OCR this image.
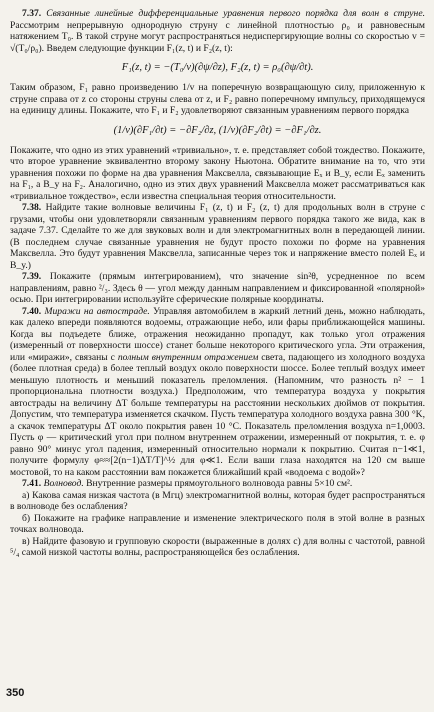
7.37. Связанные линейные дифференциальные уравнения первого порядка для волн в струне. Рассмотрим непрерывную однородную струну с линейной плотностью ρ₀ и равновесным натяжением T₀. В такой струне могут распространяться недиспергирующие волны со скоростью v = √(T₀/ρ₀). Введем следующие функции F₁(z, t) и F₂(z, t):

F₁(z, t) = −(T₀/v)(∂ψ/∂z), F₂(z, t) = ρ₀(∂ψ/∂t).

Таким образом, F₁ равно произведению 1/v на поперечную возвращающую силу, приложенную к струне справа от z со стороны струны слева от z, и F₂ равно поперечному импульсу, приходящемуся на единицу длины. Покажите, что F₁ и F₂ удовлетворяют связанным уравнениям первого порядка

(1/v)(∂F₁/∂t) = −∂F₂/∂z, (1/v)(∂F₂/∂t) = −∂F₁/∂z.

Покажите, что одно из этих уравнений «тривиально», т. е. представляет собой тождество. Покажите, что второе уравнение эквивалентно второму закону Ньютона. Обратите внимание на то, что эти уравнения похожи по форме на два уравнения Максвелла, связывающие Eₓ и B_y, если Eₓ заменить на F₁, а B_y на F₂. Аналогично, одно из этих двух уравнений Максвелла может рассматриваться как «тривиальное тождество», если известна специальная теория относительности.

7.38. Найдите такие волновые величины F₁ (z, t) и F₂ (z, t) для продольных волн в струне с грузами, чтобы они удовлетворяли связанным уравнениям первого порядка такого же вида, как в задаче 7.37. Сделайте то же для звуковых волн и для электромагнитных волн в передающей линии. (В последнем случае связанные уравнения не будут просто похожи по форме на уравнения Максвелла. Это будут уравнения Максвелла, записанные через ток и напряжение вместо полей Eₓ и B_y.)

7.39. Покажите (прямым интегрированием), что значение sin²θ, усредненное по всем направлениям, равно ²/₃. Здесь θ — угол между данным направлением и фиксированной «полярной» осью. При интегрировании используйте сферические полярные координаты.

7.40. Миражи на автострадe. Управляя автомобилем в жаркий летний день, можно наблюдать, как далеко впереди появляются водоемы, отражающие небо, или фары приближающейся машины. Когда вы подъедете ближе, отражения неожиданно пропадут, как только угол отражения (измеренный от поверхности шоссе) станет больше некоторого критического угла. Эти отражения, или «миражи», связаны с полным внутренним отражением света, падающего из холодного воздуха (более плотная среда) в более теплый воздух около поверхности шоссе. Более теплый воздух имеет меньшую плотность и меньший показатель преломления. (Напомним, что разность n² − 1 пропорциональна плотности воздуха.) Предположим, что температура воздуха у покрытия автострады на величину ΔT больше температуры на расстоянии нескольких дюймов от покрытия. Допустим, что температура изменяется скачком. Пусть температура холодного воздуха равна 300 °K, а скачок температуры ΔT около покрытия равен 10 °С. Показатель преломления воздуха n=1,0003. Пусть φ — критический угол при полном внутреннем отражении, измеренный от покрытия, т. е. φ равно 90° минус угол падения, измеренный относительно нормали к покрытию. Считая n−1≪1, получите формулу φ≈≈[2(n−1)ΔT/T]^½ для φ≪1. Если ваши глаза находятся на 120 см выше мостовой, то на каком расстоянии вам покажется ближайший край «водоема с водой»?

7.41. Волновод. Внутренние размеры прямоугольного волновода равны 5×10 см².

а) Какова самая низкая частота (в Мгц) электромагнитной волны, которая будет распространяться в волноводе без ослабления?

б) Покажите на графике направление и изменение электрического поля в этой волне в разных точках волновода.

в) Найдите фазовую и групповую скорости (выраженные в долях c) для волны с частотой, равной ⁵/₄ самой низкой частоты волны, распространяющейся без ослабления.

350
